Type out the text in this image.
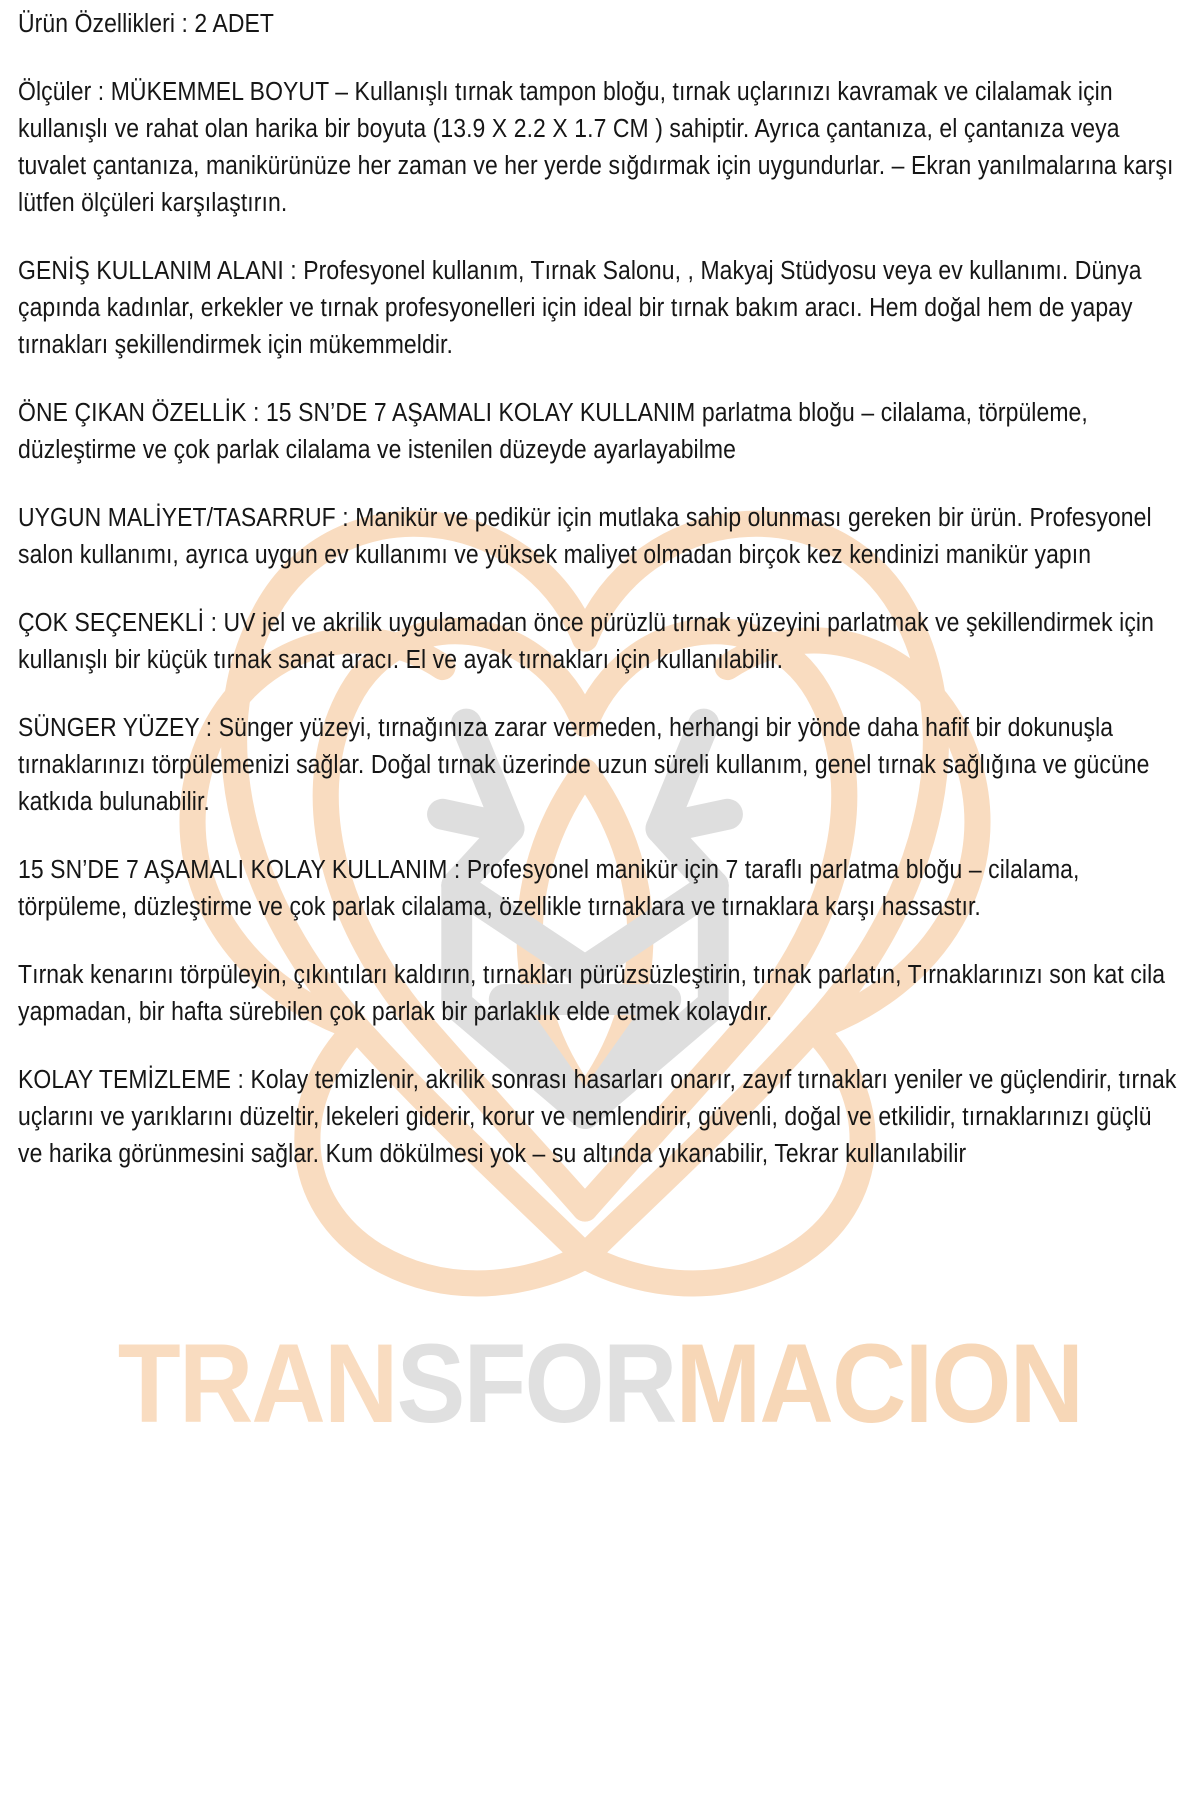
TRANSFORMACION

Ürün Özellikleri : 2 ADET

Ölçüler : MÜKEMMEL BOYUT – Kullanışlı tırnak tampon bloğu, tırnak uçlarınızı kavramak ve cilalamak için kullanışlı ve rahat olan harika bir boyuta (13.9 X 2.2 X 1.7 CM ) sahiptir. Ayrıca çantanıza, el çantanıza veya tuvalet çantanıza, manikürünüze her zaman ve her yerde sığdırmak için uygundurlar. – Ekran yanılmalarına karşı lütfen ölçüleri karşılaştırın.

GENİŞ KULLANIM ALANI : Profesyonel kullanım, Tırnak Salonu, , Makyaj Stüdyosu veya ev kullanımı. Dünya çapında kadınlar, erkekler ve tırnak profesyonelleri için ideal bir tırnak bakım aracı. Hem doğal hem de yapay tırnakları şekillendirmek için mükemmeldir.

ÖNE ÇIKAN ÖZELLİK : 15 SN’DE 7 AŞAMALI KOLAY KULLANIM parlatma bloğu – cilalama, törpüleme, düzleştirme ve çok parlak cilalama ve istenilen düzeyde ayarlayabilme

UYGUN MALİYET/TASARRUF : Manikür ve pedikür için mutlaka sahip olunması gereken bir ürün. Profesyonel salon kullanımı, ayrıca uygun ev kullanımı ve yüksek maliyet olmadan birçok kez kendinizi manikür yapın

ÇOK SEÇENEKLİ : UV jel ve akrilik uygulamadan önce pürüzlü tırnak yüzeyini parlatmak ve şekillendirmek için kullanışlı bir küçük tırnak sanat aracı. El ve ayak tırnakları için kullanılabilir.

SÜNGER YÜZEY : Sünger yüzeyi, tırnağınıza zarar vermeden, herhangi bir yönde daha hafif bir dokunuşla tırnaklarınızı törpülemenizi sağlar. Doğal tırnak üzerinde uzun süreli kullanım, genel tırnak sağlığına ve gücüne katkıda bulunabilir.

15 SN’DE 7 AŞAMALI KOLAY KULLANIM : Profesyonel manikür için 7 taraflı parlatma bloğu – cilalama, törpüleme, düzleştirme ve çok parlak cilalama, özellikle tırnaklara ve tırnaklara karşı hassastır.

Tırnak kenarını törpüleyin, çıkıntıları kaldırın, tırnakları pürüzsüzleştirin, tırnak parlatın, Tırnaklarınızı son kat cila yapmadan, bir hafta sürebilen çok parlak bir parlaklık elde etmek kolaydır.

KOLAY TEMİZLEME : Kolay temizlenir, akrilik sonrası hasarları onarır, zayıf tırnakları yeniler ve güçlendirir, tırnak uçlarını ve yarıklarını düzeltir, lekeleri giderir, korur ve nemlendirir, güvenli, doğal ve etkilidir, tırnaklarınızı güçlü ve harika görünmesini sağlar. Kum dökülmesi yok – su altında yıkanabilir, Tekrar kullanılabilir
